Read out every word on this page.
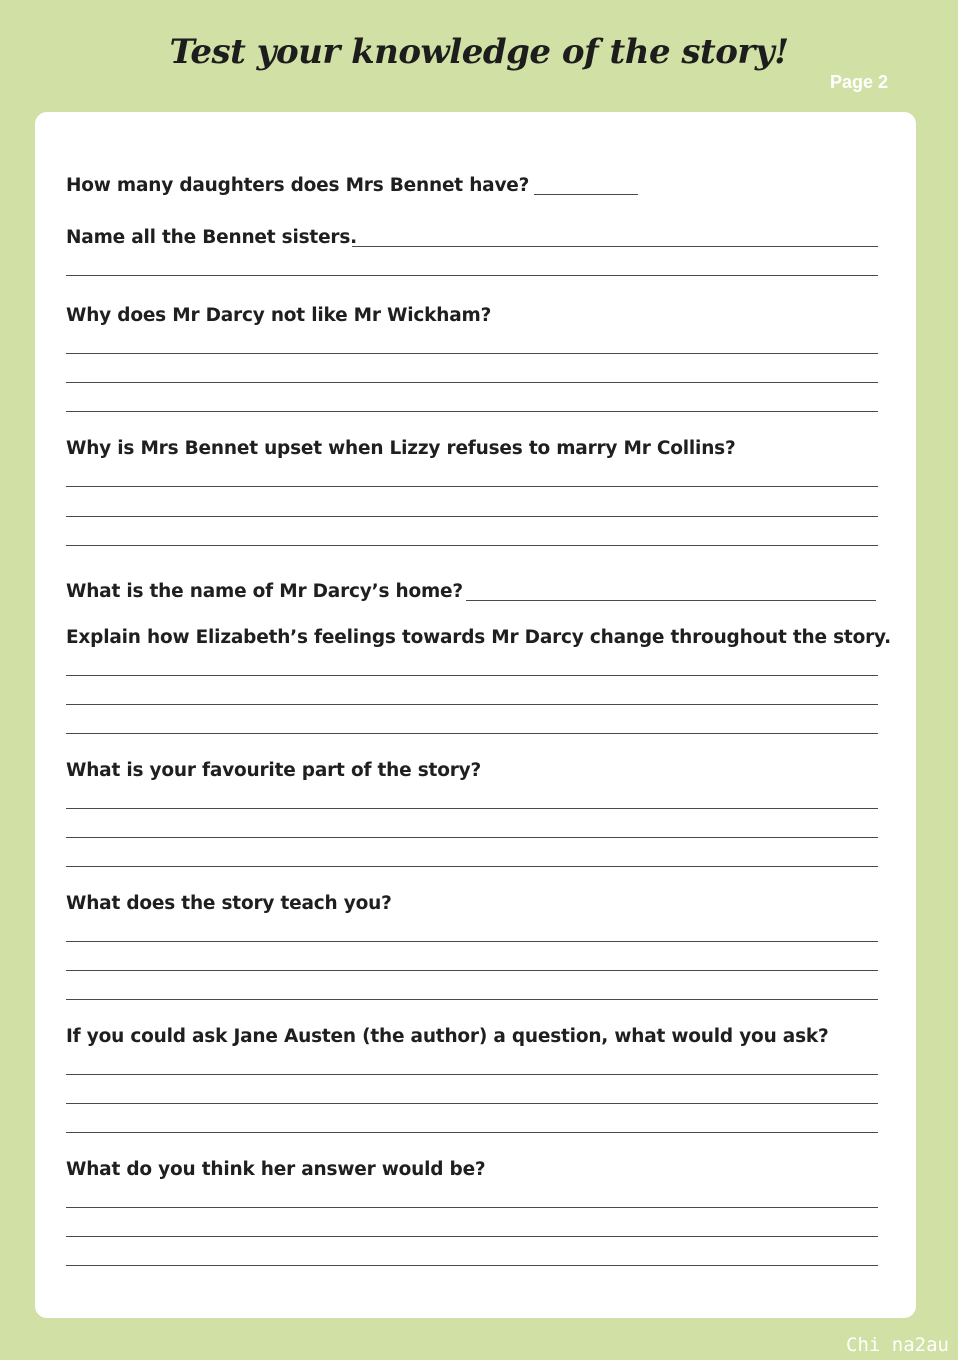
Test your knowledge of the story!
Page 2
How many daughters does Mrs Bennet have?
Name all the Bennet sisters.
Why does Mr Darcy not like Mr Wickham?
Why is Mrs Bennet upset when Lizzy refuses to marry Mr Collins?
What is the name of Mr Darcy’s home?
Explain how Elizabeth’s feelings towards Mr Darcy change throughout the story.
What is your favourite part of the story?
What does the story teach you?
If you could ask Jane Austen (the author) a question, what would you ask?
What do you think her answer would be?
Chi na2au
